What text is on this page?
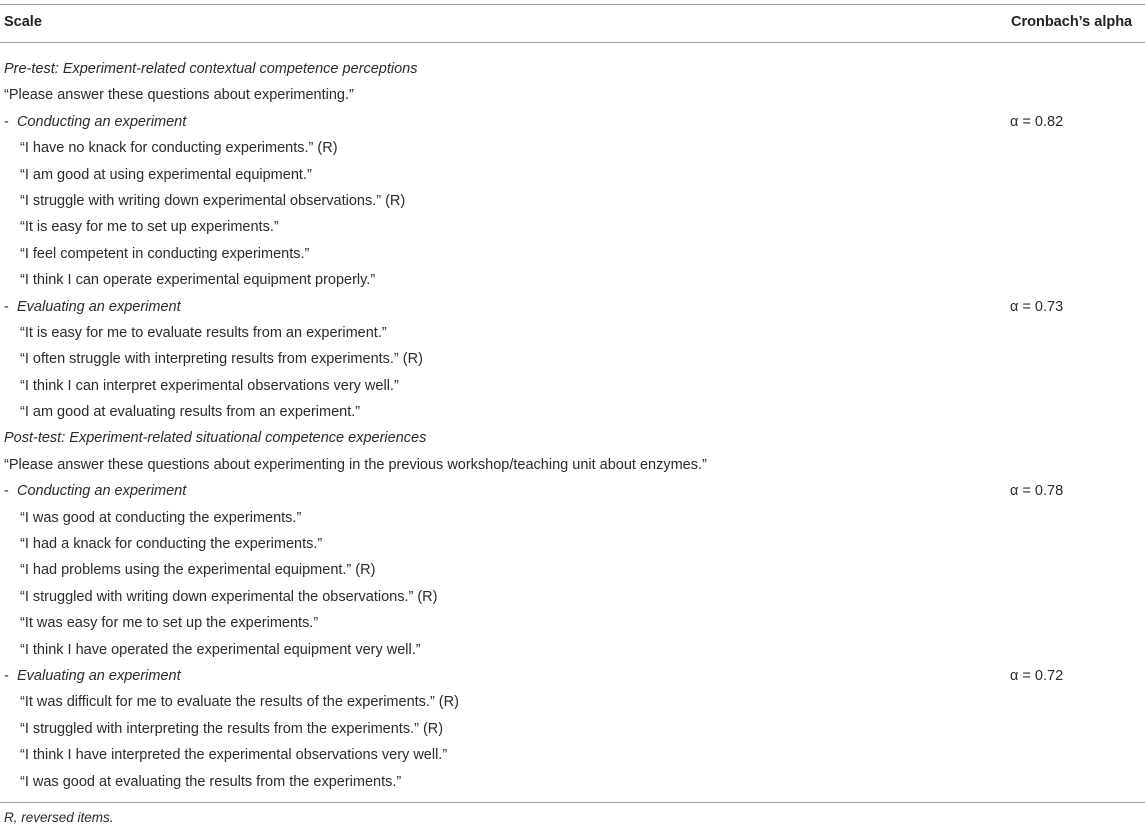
Scale	Cronbach’s alpha
Pre-test: Experiment-related contextual competence perceptions
“Please answer these questions about experimenting.”
- Conducting an experiment	α = 0.82
“I have no knack for conducting experiments.” (R)
“I am good at using experimental equipment.”
“I struggle with writing down experimental observations.” (R)
“It is easy for me to set up experiments.”
“I feel competent in conducting experiments.”
“I think I can operate experimental equipment properly.”
- Evaluating an experiment	α = 0.73
“It is easy for me to evaluate results from an experiment.”
“I often struggle with interpreting results from experiments.” (R)
“I think I can interpret experimental observations very well.”
“I am good at evaluating results from an experiment.”
Post-test: Experiment-related situational competence experiences
“Please answer these questions about experimenting in the previous workshop/teaching unit about enzymes.”
- Conducting an experiment	α = 0.78
“I was good at conducting the experiments.”
“I had a knack for conducting the experiments.”
“I had problems using the experimental equipment.” (R)
“I struggled with writing down experimental the observations.” (R)
“It was easy for me to set up the experiments.”
“I think I have operated the experimental equipment very well.”
- Evaluating an experiment	α = 0.72
“It was difficult for me to evaluate the results of the experiments.” (R)
“I struggled with interpreting the results from the experiments.” (R)
“I think I have interpreted the experimental observations very well.”
“I was good at evaluating the results from the experiments.”
R, reversed items.
